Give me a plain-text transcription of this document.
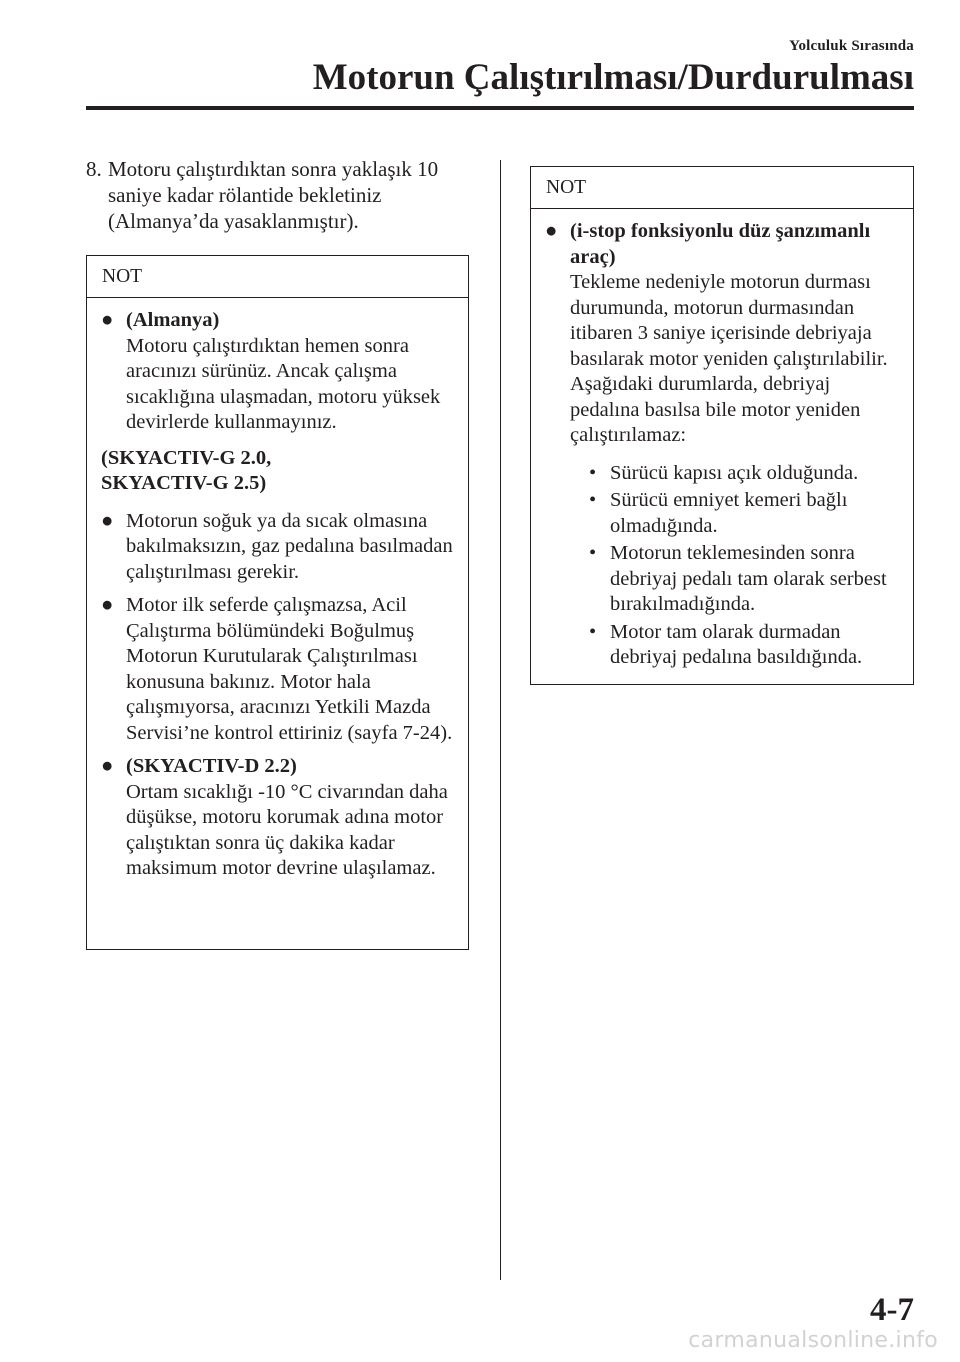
Yolculuk Sırasında
Motorun Çalıştırılması/Durdurulması
8. Motoru çalıştırdıktan sonra yaklaşık 10 saniye kadar rölantide bekletiniz (Almanya’da yasaklanmıştır).
NOT
● (Almanya)
Motoru çalıştırdıktan hemen sonra aracınızı sürünüz. Ancak çalışma sıcaklığına ulaşmadan, motoru yüksek devirlerde kullanmayınız.
(SKYACTIV-G 2.0,
SKYACTIV-G 2.5)
● Motorun soğuk ya da sıcak olmasına bakılmaksızın, gaz pedalına basılmadan çalıştırılması gerekir.
● Motor ilk seferde çalışmazsa, Acil Çalıştırma bölümündeki Boğulmuş Motorun Kurutularak Çalıştırılması konusuna bakınız. Motor hala çalışmıyorsa, aracınızı Yetkili Mazda Servisi’ne kontrol ettiriniz (sayfa 7-24).
● (SKYACTIV-D 2.2)
Ortam sıcaklığı -10 °C civarından daha düşükse, motoru korumak adına motor çalıştıktan sonra üç dakika kadar maksimum motor devrine ulaşılamaz.
NOT
● (i-stop fonksiyonlu düz şanzımanlı araç)
Tekleme nedeniyle motorun durması durumunda, motorun durmasından itibaren 3 saniye içerisinde debriyaja basılarak motor yeniden çalıştırılabilir. Aşağıdaki durumlarda, debriyaj pedalına basılsa bile motor yeniden çalıştırılamaz:
• Sürücü kapısı açık olduğunda.
• Sürücü emniyet kemeri bağlı olmadığında.
• Motorun teklemesinden sonra debriyaj pedalı tam olarak serbest bırakılmadığında.
• Motor tam olarak durmadan debriyaj pedalına basıldığında.
4-7
carmanualsonline.info
